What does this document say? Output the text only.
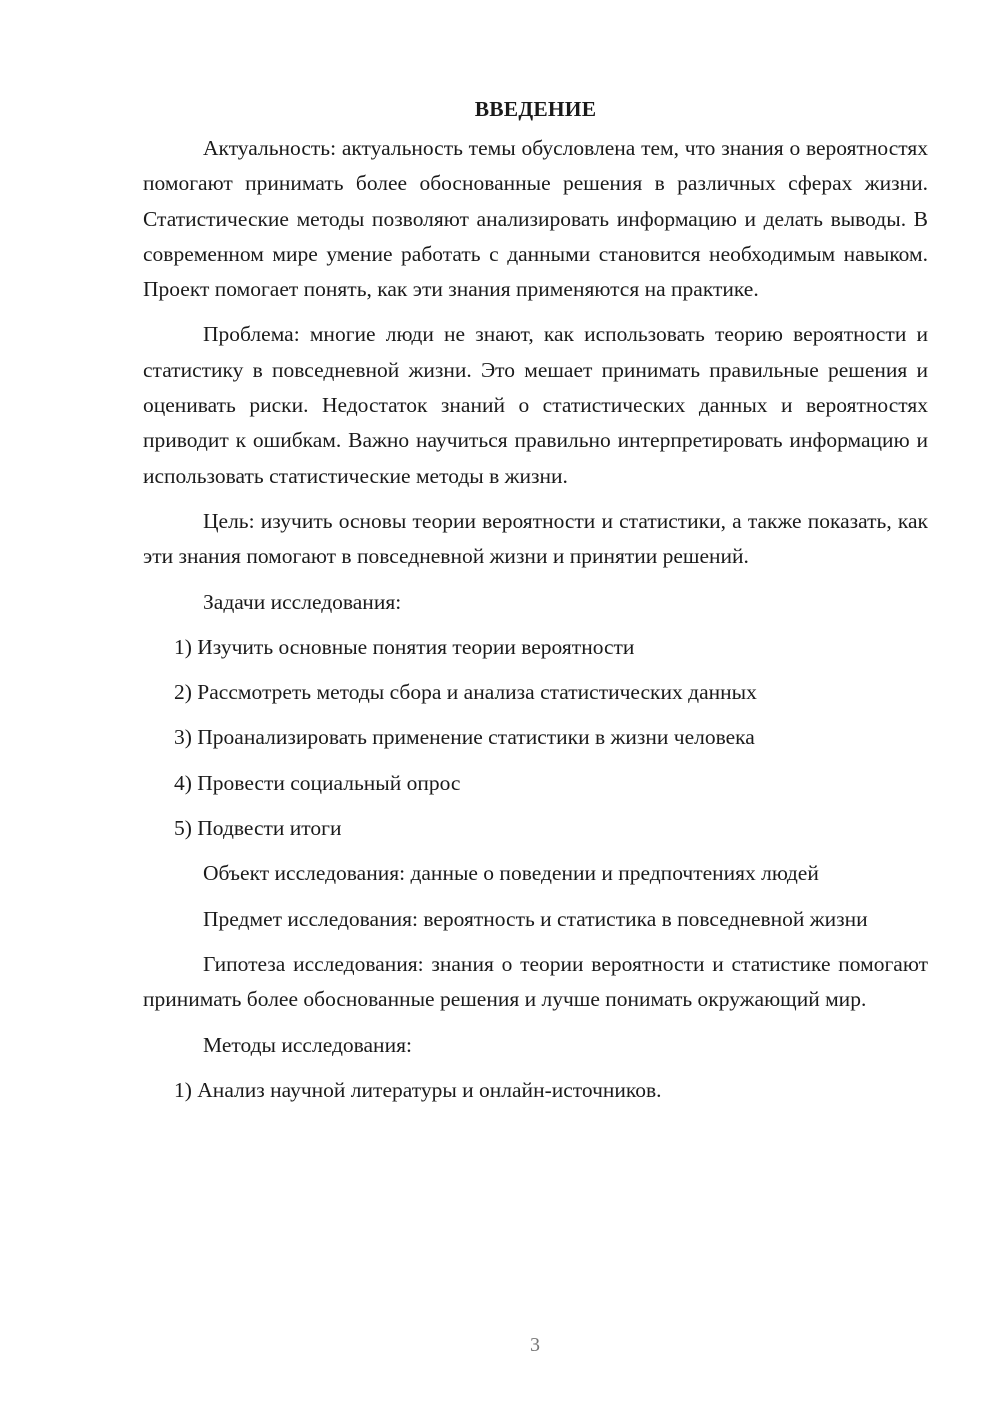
ВВЕДЕНИЕ

Актуальность: актуальность темы обусловлена тем, что знания о вероятностях помогают принимать более обоснованные решения в различных сферах жизни. Статистические методы позволяют анализировать информацию и делать выводы. В современном мире умение работать с данными становится необходимым навыком. Проект помогает понять, как эти знания применяются на практике.

Проблема: многие люди не знают, как использовать теорию вероятности и статистику в повседневной жизни. Это мешает принимать правильные решения и оценивать риски. Недостаток знаний о статистических данных и вероятностях приводит к ошибкам. Важно научиться правильно интерпретировать информацию и использовать статистические методы в жизни.

Цель: изучить основы теории вероятности и статистики, а также показать, как эти знания помогают в повседневной жизни и принятии решений.

Задачи исследования:

1) Изучить основные понятия теории вероятности
2) Рассмотреть методы сбора и анализа статистических данных
3) Проанализировать применение статистики в жизни человека
4) Провести социальный опрос
5) Подвести итоги

Объект исследования: данные о поведении и предпочтениях людей

Предмет исследования: вероятность и статистика в повседневной жизни

Гипотеза исследования: знания о теории вероятности и статистике помогают принимать более обоснованные решения и лучше понимать окружающий мир.

Методы исследования:

1) Анализ научной литературы и онлайн-источников.
3
